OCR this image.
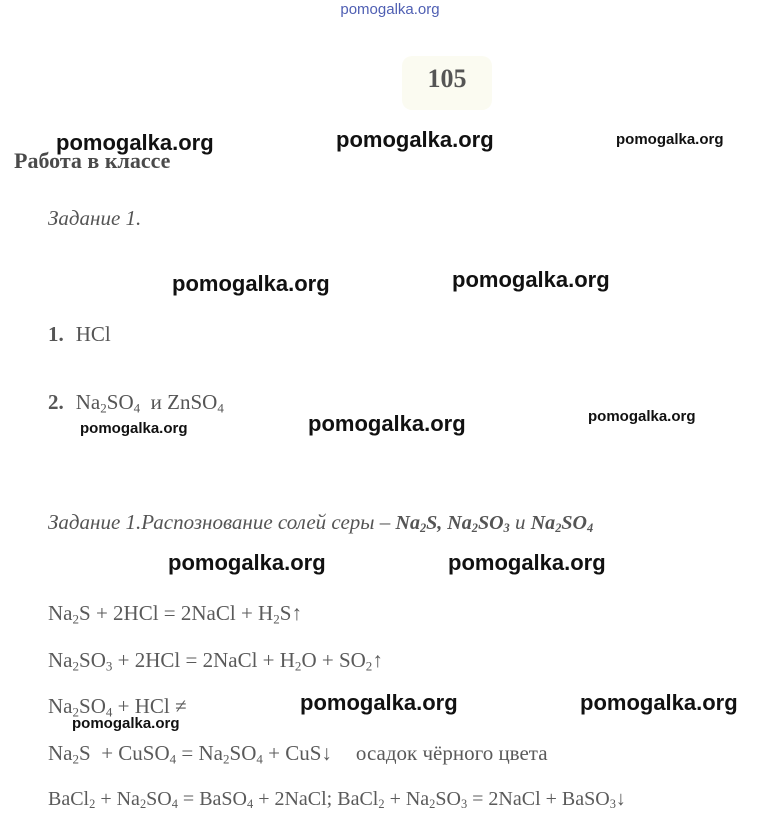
pomogalka.org
105
pomogalka.org	pomogalka.org	pomogalka.org
Работа в классе
Задание 1.
pomogalka.org	pomogalka.org
1. HCl
2. $Na_2SO_4$ и ZnSO$_4$
pomogalka.org	pomogalka.org	pomogalka.org
Задание 1.Распознование солей серы – $Na_2S$, $Na_2SO_3$ и $Na_2SO_4$
pomogalka.org	pomogalka.org
$Na_2S + 2HCl$ = 2NaCl + $H_2S↑$
$Na_2SO_3 + 2HCl$ = 2NaCl + $H_2O$ + $SO_2↑$
$Na_2SO_4$ + HCl ≠	pomogalka.org	pomogalka.org
pomogalka.org
$Na_2S$  + CuSO$_4$ = $Na_2SO_4$ + CuS↓ осадок чёрного цвета
BaCl$_2$ + $Na_2SO_4$ = BaSO$_4$ + 2NaCl; BaCl$_2$ + $Na_2SO_3$ = 2NaCl + BaSO$_3$↓
